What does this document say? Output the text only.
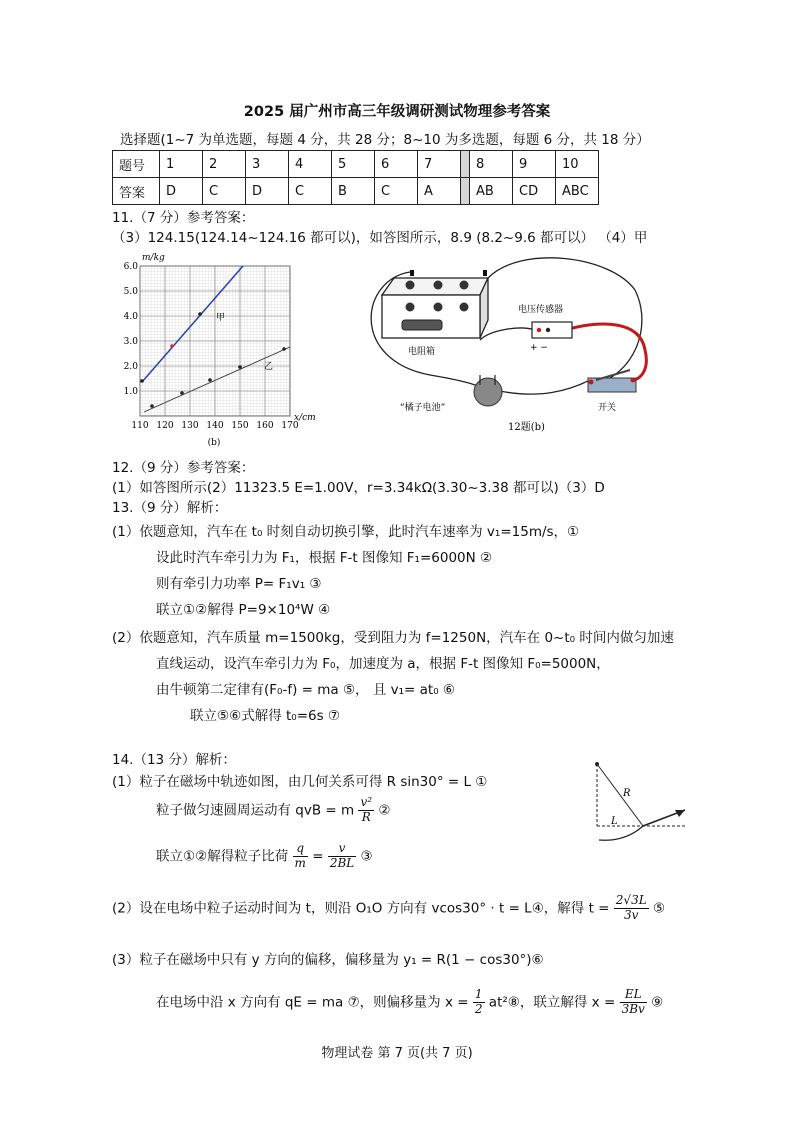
2025 届广州市高三年级调研测试物理参考答案
选择题(1~7 为单选题，每题 4 分，共 28 分；8~10 为多选题，每题 6 分，共 18 分）
题号	1	2	3	4	5	6	7		8	9	10
答案	D	C	D	C	B	C	A		AB	CD	ABC
11.（7 分）参考答案：
（3）124.15(124.14~124.16 都可以)，如答图所示，8.9 (8.2~9.6 都可以） （4）甲
m/kg
x/cm
1.0
2.0
3.0
4.0
5.0
6.0
110 120 130 140 150 160 170
甲
乙
(b)
电阻箱
电压传感器
+ −
“橘子电池”	开关
12题(b)
12.（9 分）参考答案：
(1）如答图所示(2）11323.5 E=1.00V，r=3.34kΩ(3.30~3.38 都可以)（3）D
13.（9 分）解析：
(1）依题意知，汽车在 t₀ 时刻自动切换引擎，此时汽车速率为 v₁=15m/s，①
设此时汽车牵引力为 F₁，根据 F-t 图像知 F₁=6000N ②
则有牵引力功率 P= F₁v₁ ③
联立①②解得 P=9×10⁴W ④
(2）依题意知，汽车质量 m=1500kg，受到阻力为 f=1250N，汽车在 0~t₀ 时间内做匀加速
直线运动，设汽车牵引力为 F₀，加速度为 a，根据 F-t 图像知 F₀=5000N，
由牛顿第二定律有(F₀-f) = ma ⑤， 且 v₁= at₀ ⑥
联立⑤⑥式解得 t₀=6s ⑦
14.（13 分）解析：
(1）粒子在磁场中轨迹如图，由几何关系可得 R sin30° = L ①
粒子做匀速圆周运动有 qvB = m $\frac{\text{v²}}{R}$ ②
联立①②解得粒子比荷 $\frac{q}{m} = \frac{v}{2BL}$ ③
(2）设在电场中粒子运动时间为 t，则沿 O₁O 方向有 vcos30° · t = L④，解得 $t = \frac{2√3L}{3v}$ ⑤
(3）粒子在磁场中只有 y 方向的偏移，偏移量为 y₁ = R(1 − cos30°)⑥
在电场中沿 x 方向有 qE = ma ⑦，则偏移量为 $x = \frac{1}{2}$ at²⑧，联立解得 $x = \frac{EL}{3Bv}$ ⑨
R
L
物理试卷 第 7 页(共 7 页)
